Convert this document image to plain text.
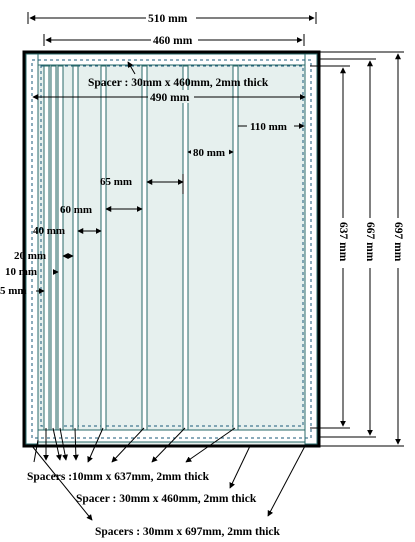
510 mm
460 mm
Spacer : 30mm x 460mm, 2mm thick
490 mm
110 mm
80 mm
65 mm
60 mm
40 mm
20 mm
10 mm
5 mm
637 mm 667 mm 697 mm
Spacers :10mm x 637mm, 2mm thick
Spacer : 30mm x 460mm, 2mm thick
Spacers : 30mm x 697mm, 2mm thick
